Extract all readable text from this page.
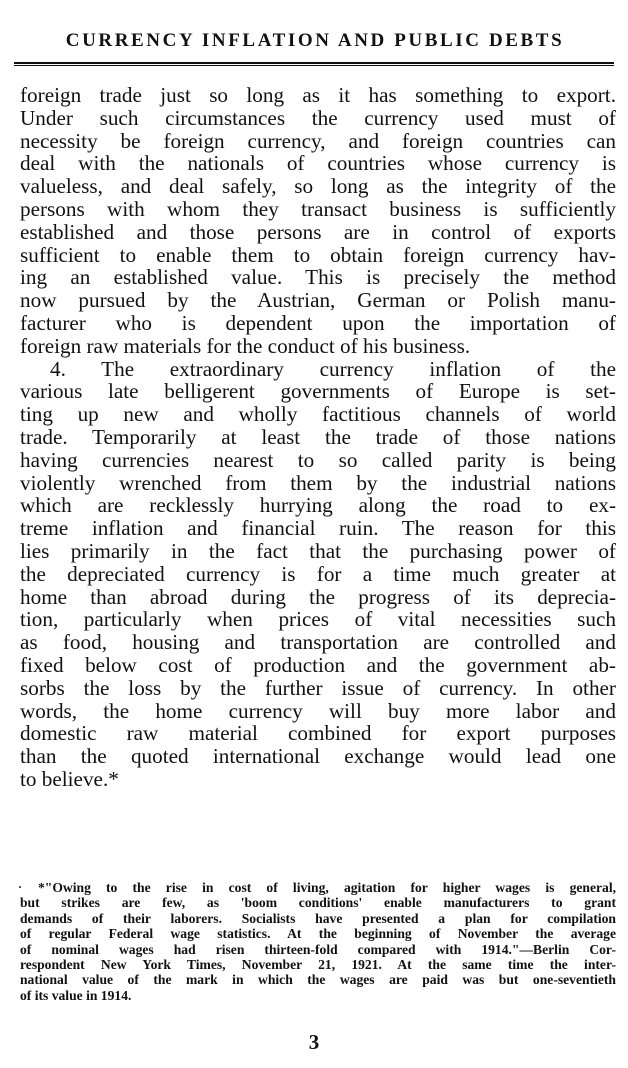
CURRENCY INFLATION AND PUBLIC DEBTS
foreign trade just so long as it has something to export.
Under such circumstances the currency used must of
necessity be foreign currency, and foreign countries can
deal with the nationals of countries whose currency is
valueless, and deal safely, so long as the integrity of the
persons with whom they transact business is sufficiently
established and those persons are in control of exports
sufficient to enable them to obtain foreign currency hav-
ing an established value. This is precisely the method
now pursued by the Austrian, German or Polish manu-
facturer who is dependent upon the importation of
foreign raw materials for the conduct of his business.
4. The extraordinary currency inflation of the
various late belligerent governments of Europe is set-
ting up new and wholly factitious channels of world
trade. Temporarily at least the trade of those nations
having currencies nearest to so called parity is being
violently wrenched from them by the industrial nations
which are recklessly hurrying along the road to ex-
treme inflation and financial ruin. The reason for this
lies primarily in the fact that the purchasing power of
the depreciated currency is for a time much greater at
home than abroad during the progress of its deprecia-
tion, particularly when prices of vital necessities such
as food, housing and transportation are controlled and
fixed below cost of production and the government ab-
sorbs the loss by the further issue of currency. In other
words, the home currency will buy more labor and
domestic raw material combined for export purposes
than the quoted international exchange would lead one
to believe.*
·	*"Owing to the rise in cost of living, agitation for higher wages is general,
but strikes are few, as 'boom conditions' enable manufacturers to grant
demands of their laborers. Socialists have presented a plan for compilation
of regular Federal wage statistics. At the beginning of November the average
of nominal wages had risen thirteen-fold compared with 1914."—Berlin Cor-
respondent New York Times, November 21, 1921. At the same time the inter-
national value of the mark in which the wages are paid was but one-seventieth
of its value in 1914.
3
